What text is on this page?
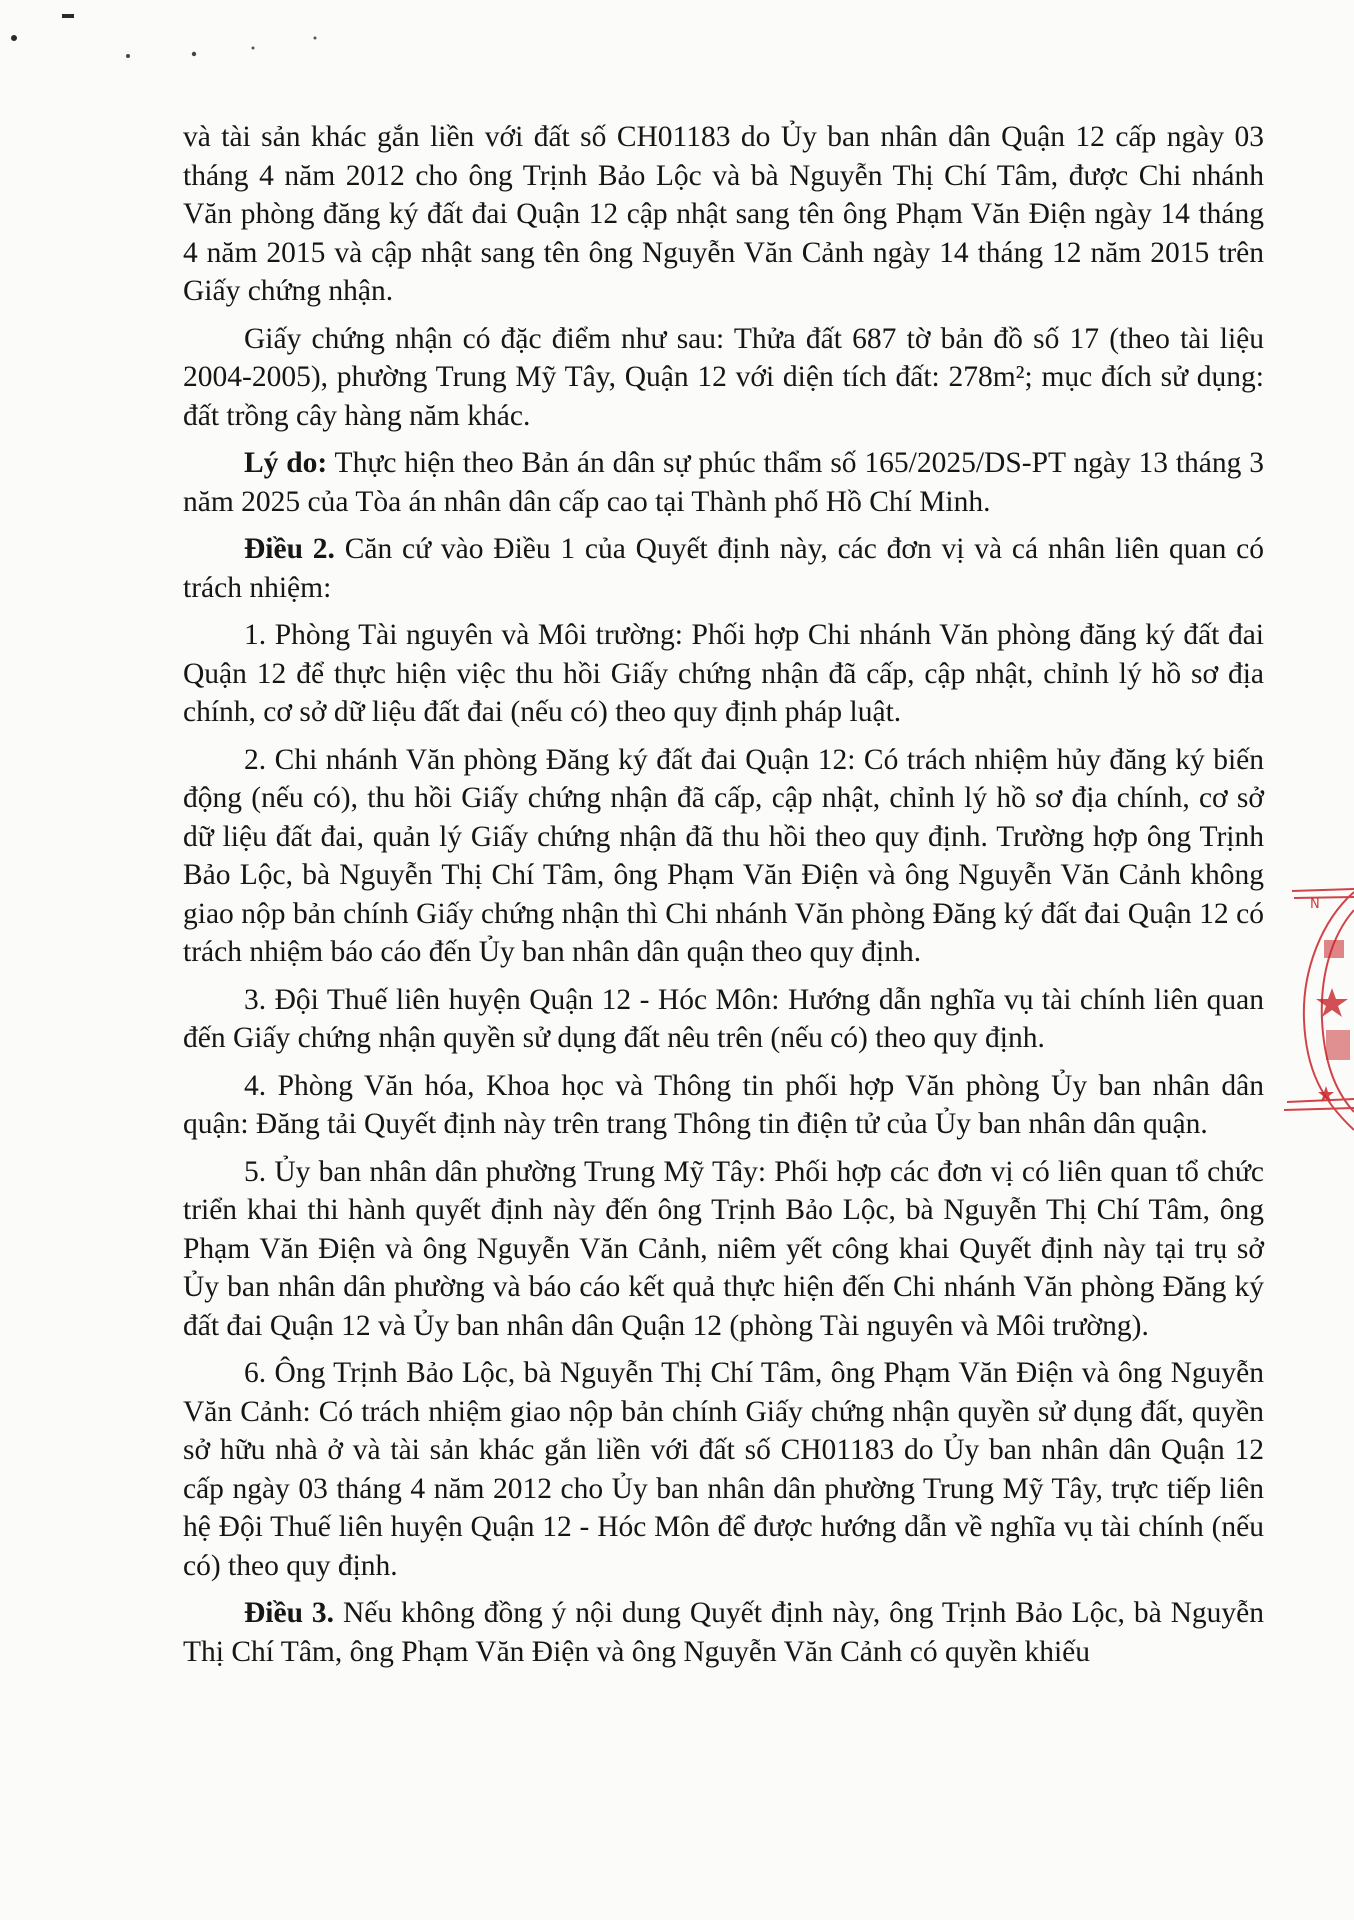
và tài sản khác gắn liền với đất số CH01183 do Ủy ban nhân dân Quận 12 cấp ngày 03 tháng 4 năm 2012 cho ông Trịnh Bảo Lộc và bà Nguyễn Thị Chí Tâm, được Chi nhánh Văn phòng đăng ký đất đai Quận 12 cập nhật sang tên ông Phạm Văn Điện ngày 14 tháng 4 năm 2015 và cập nhật sang tên ông Nguyễn Văn Cảnh ngày 14 tháng 12 năm 2015 trên Giấy chứng nhận.

Giấy chứng nhận có đặc điểm như sau: Thửa đất 687 tờ bản đồ số 17 (theo tài liệu 2004-2005), phường Trung Mỹ Tây, Quận 12 với diện tích đất: 278m²; mục đích sử dụng: đất trồng cây hàng năm khác.

Lý do: Thực hiện theo Bản án dân sự phúc thẩm số 165/2025/DS-PT ngày 13 tháng 3 năm 2025 của Tòa án nhân dân cấp cao tại Thành phố Hồ Chí Minh.

Điều 2. Căn cứ vào Điều 1 của Quyết định này, các đơn vị và cá nhân liên quan có trách nhiệm:

1. Phòng Tài nguyên và Môi trường: Phối hợp Chi nhánh Văn phòng đăng ký đất đai Quận 12 để thực hiện việc thu hồi Giấy chứng nhận đã cấp, cập nhật, chỉnh lý hồ sơ địa chính, cơ sở dữ liệu đất đai (nếu có) theo quy định pháp luật.

2. Chi nhánh Văn phòng Đăng ký đất đai Quận 12: Có trách nhiệm hủy đăng ký biến động (nếu có), thu hồi Giấy chứng nhận đã cấp, cập nhật, chỉnh lý hồ sơ địa chính, cơ sở dữ liệu đất đai, quản lý Giấy chứng nhận đã thu hồi theo quy định. Trường hợp ông Trịnh Bảo Lộc, bà Nguyễn Thị Chí Tâm, ông Phạm Văn Điện và ông Nguyễn Văn Cảnh không giao nộp bản chính Giấy chứng nhận thì Chi nhánh Văn phòng Đăng ký đất đai Quận 12 có trách nhiệm báo cáo đến Ủy ban nhân dân quận theo quy định.

3. Đội Thuế liên huyện Quận 12 - Hóc Môn: Hướng dẫn nghĩa vụ tài chính liên quan đến Giấy chứng nhận quyền sử dụng đất nêu trên (nếu có) theo quy định.

4. Phòng Văn hóa, Khoa học và Thông tin phối hợp Văn phòng Ủy ban nhân dân quận: Đăng tải Quyết định này trên trang Thông tin điện tử của Ủy ban nhân dân quận.

5. Ủy ban nhân dân phường Trung Mỹ Tây: Phối hợp các đơn vị có liên quan tổ chức triển khai thi hành quyết định này đến ông Trịnh Bảo Lộc, bà Nguyễn Thị Chí Tâm, ông Phạm Văn Điện và ông Nguyễn Văn Cảnh, niêm yết công khai Quyết định này tại trụ sở Ủy ban nhân dân phường và báo cáo kết quả thực hiện đến Chi nhánh Văn phòng Đăng ký đất đai Quận 12 và Ủy ban nhân dân Quận 12 (phòng Tài nguyên và Môi trường).

6. Ông Trịnh Bảo Lộc, bà Nguyễn Thị Chí Tâm, ông Phạm Văn Điện và ông Nguyễn Văn Cảnh: Có trách nhiệm giao nộp bản chính Giấy chứng nhận quyền sử dụng đất, quyền sở hữu nhà ở và tài sản khác gắn liền với đất số CH01183 do Ủy ban nhân dân Quận 12 cấp ngày 03 tháng 4 năm 2012 cho Ủy ban nhân dân phường Trung Mỹ Tây, trực tiếp liên hệ Đội Thuế liên huyện Quận 12 - Hóc Môn để được hướng dẫn về nghĩa vụ tài chính (nếu có) theo quy định.

Điều 3. Nếu không đồng ý nội dung Quyết định này, ông Trịnh Bảo Lộc, bà Nguyễn Thị Chí Tâm, ông Phạm Văn Điện và ông Nguyễn Văn Cảnh có quyền khiếu

N
